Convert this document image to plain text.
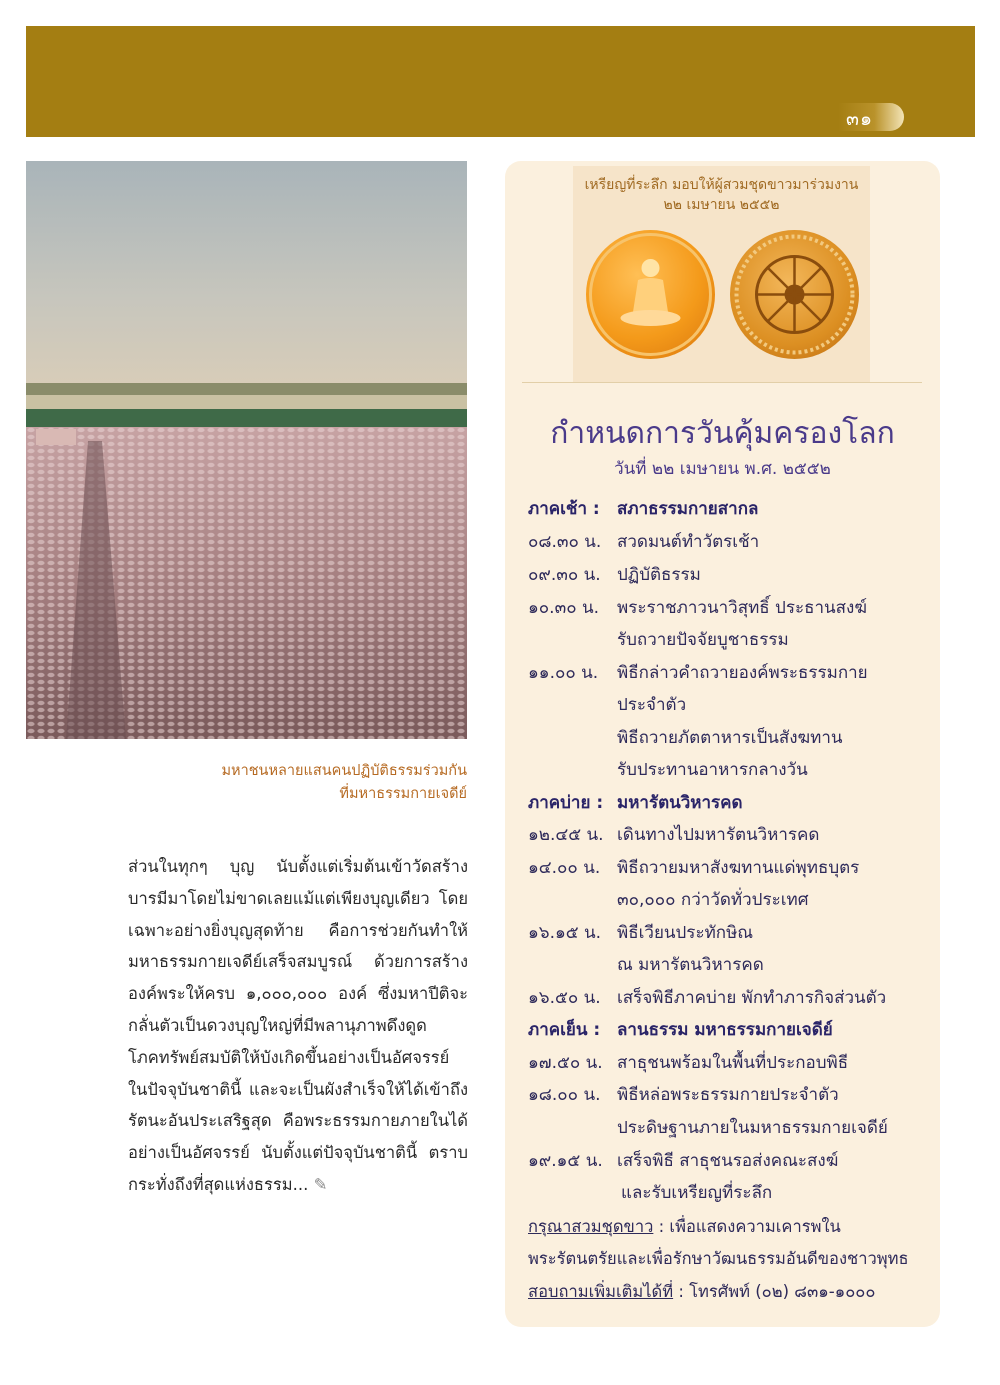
๓๑
มหาชนหลายแสนคนปฏิบัติธรรมร่วมกัน
ที่มหาธรรมกายเจดีย์
ส่วนในทุกๆ บุญ นับตั้งแต่เริ่มต้นเข้าวัดสร้างบารมีมาโดยไม่ขาดเลยแม้แต่เพียงบุญเดียว โดยเฉพาะอย่างยิ่งบุญสุดท้าย คือการช่วยกันทำให้มหาธรรมกายเจดีย์เสร็จสมบูรณ์ ด้วยการสร้างองค์พระให้ครบ ๑,๐๐๐,๐๐๐ องค์ ซึ่งมหาปีติจะกลั่นตัวเป็นดวงบุญใหญ่ที่มีพลานุภาพดึงดูดโภคทรัพย์สมบัติให้บังเกิดขึ้นอย่างเป็นอัศจรรย์ในปัจจุบันชาตินี้ และจะเป็นผังสำเร็จให้ได้เข้าถึงรัตนะอันประเสริฐสุด คือพระธรรมกายภายในได้อย่างเป็นอัศจรรย์ นับตั้งแต่ปัจจุบันชาตินี้ ตราบกระทั่งถึงที่สุดแห่งธรรม... ✎
เหรียญที่ระลึก มอบให้ผู้สวมชุดขาวมาร่วมงาน
๒๒ เมษายน ๒๕๕๒
กำหนดการวันคุ้มครองโลก
วันที่ ๒๒ เมษายน พ.ศ. ๒๕๕๒
ภาคเช้า :	สภาธรรมกายสากล
๐๘.๓๐ น. สวดมนต์ทำวัตรเช้า
๐๙.๓๐ น. ปฏิบัติธรรม
๑๐.๓๐ น.	พระราชภาวนาวิสุทธิ์ ประธานสงฆ์
รับถวายปัจจัยบูชาธรรม
๑๑.๐๐ น.	พิธีกล่าวคำถวายองค์พระธรรมกาย
ประจำตัว
พิธีถวายภัตตาหารเป็นสังฆทาน
รับประทานอาหารกลางวัน
ภาคบ่าย : มหารัตนวิหารคด
๑๒.๔๕ น. เดินทางไปมหารัตนวิหารคด
๑๔.๐๐ น. พิธีถวายมหาสังฆทานแด่พุทธบุตร
๓๐,๐๐๐ กว่าวัดทั่วประเทศ
๑๖.๑๕ น. พิธีเวียนประทักษิณ
ณ มหารัตนวิหารคด
๑๖.๕๐ น. เสร็จพิธีภาคบ่าย พักทำภารกิจส่วนตัว
ภาคเย็น : ลานธรรม มหาธรรมกายเจดีย์
๑๗.๕๐ น. สาธุชนพร้อมในพื้นที่ประกอบพิธี
๑๘.๐๐ น. พิธีหล่อพระธรรมกายประจำตัว
ประดิษฐานภายในมหาธรรมกายเจดีย์
๑๙.๑๕ น. เสร็จพิธี สาธุชนรอส่งคณะสงฆ์
และรับเหรียญที่ระลึก
กรุณาสวมชุดขาว : เพื่อแสดงความเคารพใน
พระรัตนตรัยและเพื่อรักษาวัฒนธรรมอันดีของชาวพุทธ
สอบถามเพิ่มเติมได้ที่ : โทรศัพท์ (๐๒) ๘๓๑-๑๐๐๐
